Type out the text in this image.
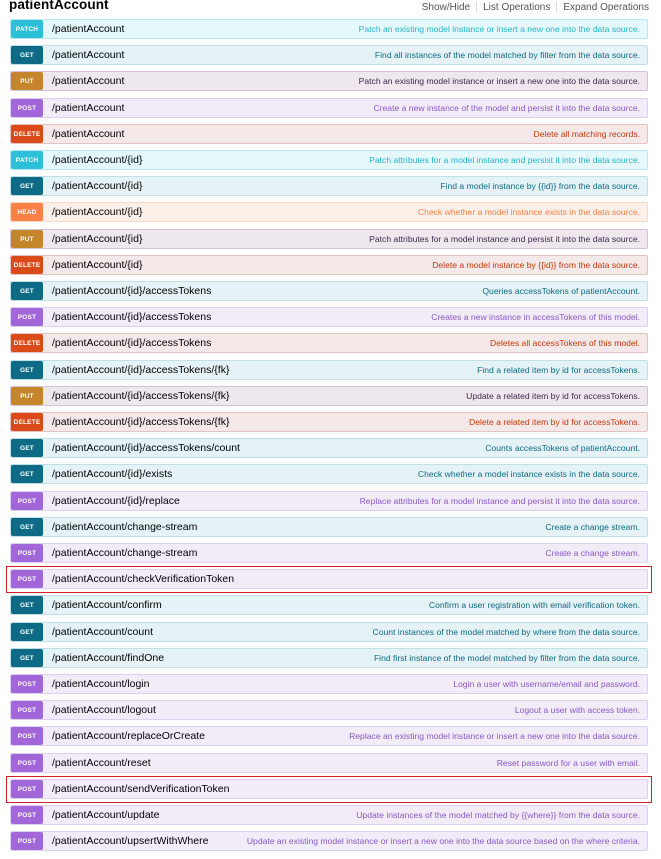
patientAccount	Show/Hide	List Operations	Expand Operations
PATCH	/patientAccount	Patch an existing model instance or insert a new one into the data source.
GET	/patientAccount	Find all instances of the model matched by filter from the data source.
PUT	/patientAccount	Patch an existing model instance or insert a new one into the data source.
POST	/patientAccount	Create a new instance of the model and persist it into the data source.
DELETE /patientAccount	Delete all matching records.
PATCH	/patientAccount/{id}	Patch attributes for a model instance and persist it into the data source.
GET	/patientAccount/{id}	Find a model instance by {{id}} from the data source.
HEAD	/patientAccount/{id}	Check whether a model instance exists in the data source.
PUT	/patientAccount/{id}	Patch attributes for a model instance and persist it into the data source.
DELETE /patientAccount/{id}	Delete a model instance by {{id}} from the data source.
GET	/patientAccount/{id}/accessTokens	Queries accessTokens of patientAccount.
POST	/patientAccount/{id}/accessTokens	Creates a new instance in accessTokens of this model.
DELETE /patientAccount/{id}/accessTokens	Deletes all accessTokens of this model.
GET	/patientAccount/{id}/accessTokens/{fk}	Find a related item by id for accessTokens.
PUT	/patientAccount/{id}/accessTokens/{fk}	Update a related item by id for accessTokens.
DELETE /patientAccount/{id}/accessTokens/{fk}	Delete a related item by id for accessTokens.
GET	/patientAccount/{id}/accessTokens/count	Counts accessTokens of patientAccount.
GET	/patientAccount/{id}/exists	Check whether a model instance exists in the data source.
POST	/patientAccount/{id}/replace	Replace attributes for a model instance and persist it into the data source.
GET	/patientAccount/change-stream	Create a change stream.
POST	/patientAccount/change-stream	Create a change stream.
POST	/patientAccount/checkVerificationToken
GET	/patientAccount/confirm	Confirm a user registration with email verification token.
GET	/patientAccount/count	Count instances of the model matched by where from the data source.
GET	/patientAccount/findOne	Find first instance of the model matched by filter from the data source.
POST	/patientAccount/login	Login a user with username/email and password.
POST	/patientAccount/logout	Logout a user with access token.
POST	/patientAccount/replaceOrCreate	Replace an existing model instance or insert a new one into the data source.
POST	/patientAccount/reset	Reset password for a user with email.
POST	/patientAccount/sendVerificationToken
POST	/patientAccount/update	Update instances of the model matched by {{where}} from the data source.
POST	/patientAccount/upsertWithWhere	Update an existing model instance or insert a new one into the data source based on the where criteria.
